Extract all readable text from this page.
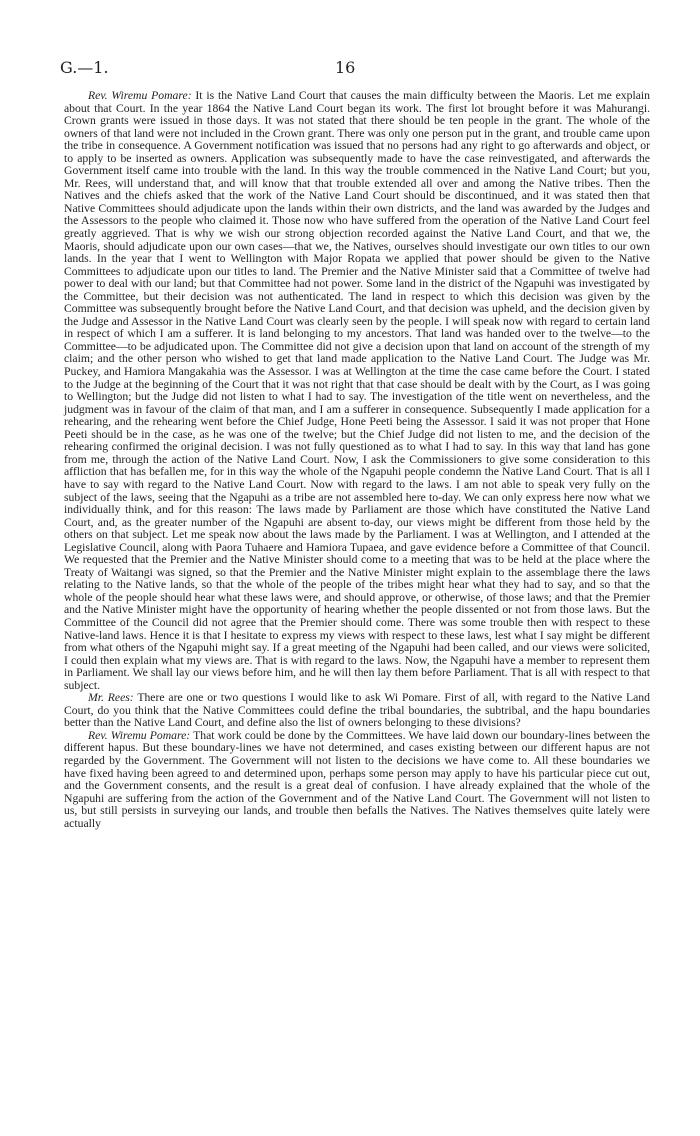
G.—1.	16

Rev. Wiremu Pomare: It is the Native Land Court that causes the main difficulty between the Maoris. Let me explain about that Court. In the year 1864 the Native Land Court began its work. The first lot brought before it was Mahurangi. Crown grants were issued in those days. It was not stated that there should be ten people in the grant. The whole of the owners of that land were not included in the Crown grant. There was only one person put in the grant, and trouble came upon the tribe in consequence. A Government notification was issued that no persons had any right to go afterwards and object, or to apply to be inserted as owners. Application was subsequently made to have the case reinvestigated, and afterwards the Government itself came into trouble with the land. In this way the trouble commenced in the Native Land Court; but you, Mr. Rees, will understand that, and will know that that trouble extended all over and among the Native tribes. Then the Natives and the chiefs asked that the work of the Native Land Court should be discontinued, and it was stated then that Native Committees should adjudicate upon the lands within their own districts, and the land was awarded by the Judges and the Assessors to the people who claimed it. Those now who have suffered from the operation of the Native Land Court feel greatly aggrieved. That is why we wish our strong objection recorded against the Native Land Court, and that we, the Maoris, should adjudicate upon our own cases—that we, the Natives, ourselves should investigate our own titles to our own lands. In the year that I went to Wellington with Major Ropata we applied that power should be given to the Native Committees to adjudicate upon our titles to land. The Premier and the Native Minister said that a Committee of twelve had power to deal with our land; but that Committee had not power. Some land in the district of the Ngapuhi was investigated by the Committee, but their decision was not authenticated. The land in respect to which this decision was given by the Committee was subsequently brought before the Native Land Court, and that decision was upheld, and the decision given by the Judge and Assessor in the Native Land Court was clearly seen by the people. I will speak now with regard to certain land in respect of which I am a sufferer. It is land belonging to my ancestors. That land was handed over to the twelve—to the Committee—to be adjudicated upon. The Committee did not give a decision upon that land on account of the strength of my claim; and the other person who wished to get that land made application to the Native Land Court. The Judge was Mr. Puckey, and Hamiora Mangakahia was the Assessor. I was at Wellington at the time the case came before the Court. I stated to the Judge at the beginning of the Court that it was not right that that case should be dealt with by the Court, as I was going to Wellington; but the Judge did not listen to what I had to say. The investigation of the title went on nevertheless, and the judgment was in favour of the claim of that man, and I am a sufferer in consequence. Subsequently I made application for a rehearing, and the rehearing went before the Chief Judge, Hone Peeti being the Assessor. I said it was not proper that Hone Peeti should be in the case, as he was one of the twelve; but the Chief Judge did not listen to me, and the decision of the rehearing confirmed the original decision. I was not fully questioned as to what I had to say. In this way that land has gone from me, through the action of the Native Land Court. Now, I ask the Commissioners to give some consideration to this affliction that has befallen me, for in this way the whole of the Ngapuhi people condemn the Native Land Court. That is all I have to say with regard to the Native Land Court. Now with regard to the laws. I am not able to speak very fully on the subject of the laws, seeing that the Ngapuhi as a tribe are not assembled here to-day. We can only express here now what we individually think, and for this reason: The laws made by Parliament are those which have constituted the Native Land Court, and, as the greater number of the Ngapuhi are absent to-day, our views might be different from those held by the others on that subject. Let me speak now about the laws made by the Parliament. I was at Wellington, and I attended at the Legislative Council, along with Paora Tuhaere and Hamiora Tupaea, and gave evidence before a Committee of that Council. We requested that the Premier and the Native Minister should come to a meeting that was to be held at the place where the Treaty of Waitangi was signed, so that the Premier and the Native Minister might explain to the assemblage there the laws relating to the Native lands, so that the whole of the people of the tribes might hear what they had to say, and so that the whole of the people should hear what these laws were, and should approve, or otherwise, of those laws; and that the Premier and the Native Minister might have the opportunity of hearing whether the people dissented or not from those laws. But the Committee of the Council did not agree that the Premier should come. There was some trouble then with respect to these Native-land laws. Hence it is that I hesitate to express my views with respect to these laws, lest what I say might be different from what others of the Ngapuhi might say. If a great meeting of the Ngapuhi had been called, and our views were solicited, I could then explain what my views are. That is with regard to the laws. Now, the Ngapuhi have a member to represent them in Parliament. We shall lay our views before him, and he will then lay them before Parliament. That is all with respect to that subject.

Mr. Rees: There are one or two questions I would like to ask Wi Pomare. First of all, with regard to the Native Land Court, do you think that the Native Committees could define the tribal boundaries, the subtribal, and the hapu boundaries better than the Native Land Court, and define also the list of owners belonging to these divisions?

Rev. Wiremu Pomare: That work could be done by the Committees. We have laid down our boundary-lines between the different hapus. But these boundary-lines we have not determined, and cases existing between our different hapus are not regarded by the Government. The Government will not listen to the decisions we have come to. All these boundaries we have fixed having been agreed to and determined upon, perhaps some person may apply to have his particular piece cut out, and the Government consents, and the result is a great deal of confusion. I have already explained that the whole of the Ngapuhi are suffering from the action of the Government and of the Native Land Court. The Government will not listen to us, but still persists in surveying our lands, and trouble then befalls the Natives. The Natives themselves quite lately were actually
